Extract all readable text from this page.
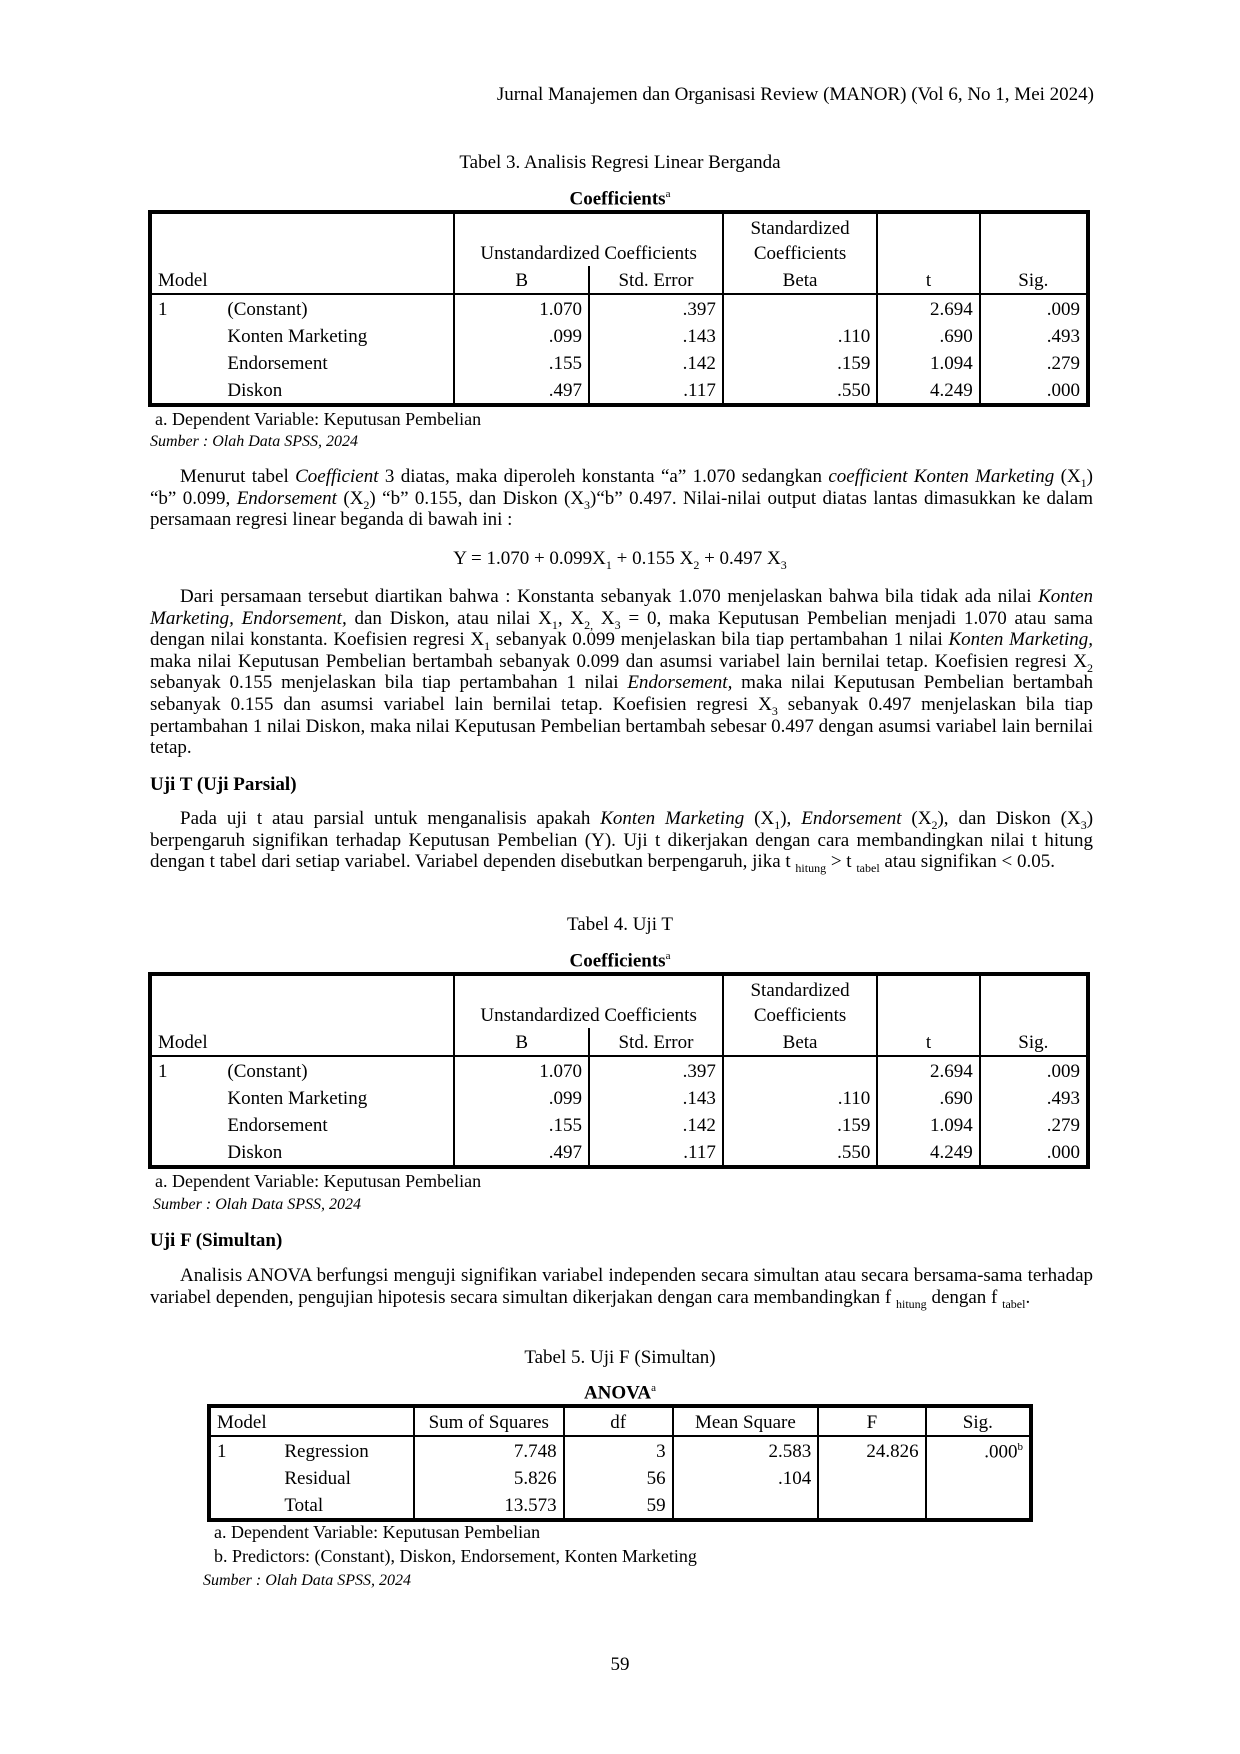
Jurnal Manajemen dan Organisasi Review (MANOR) (Vol 6, No 1, Mei 2024)
Tabel 3. Analisis Regresi Linear Berganda
Coefficients$^a$
		Unstandardized Coefficients		Standardized Coefficients		
Model		B	Std. Error	Beta	t	Sig.
1	(Constant)	1.070	.397		2.694	.009
	Konten Marketing	.099	.143	.110	.690	.493
	Endorsement	.155	.142	.159	1.094	.279
	Diskon	.497	.117	.550	4.249	.000
a. Dependent Variable: Keputusan Pembelian
Sumber : Olah Data SPSS, 2024
Menurut tabel Coefficient 3 diatas, maka diperoleh konstanta “a” 1.070 sedangkan coefficient Konten Marketing $(X_1)$ “b” 0.099, Endorsement $(X_2)$ “b” 0.155, dan Diskon $(X_3)“b$” 0.497. Nilai-nilai output diatas lantas dimasukkan ke dalam persamaan regresi linear beganda di bawah ini :
$Y = 1.070 + 0.099X_1 + 0.155$ $X_2 + 0.497$ $X_3$
Dari persamaan tersebut diartikan bahwa : Konstanta sebanyak 1.070 menjelaskan bahwa bila tidak ada nilai Konten Marketing, Endorsement, dan Diskon, atau nilai $X_1$, $X_{2,}$ $X_3 = 0$, maka Keputusan Pembelian menjadi 1.070 atau sama dengan nilai konstanta. Koefisien regresi $X_1$ sebanyak 0.099 menjelaskan bila tiap pertambahan 1 nilai Konten Marketing, maka nilai Keputusan Pembelian bertambah sebanyak 0.099 dan asumsi variabel lain bernilai tetap. Koefisien regresi $X_2$ sebanyak 0.155 menjelaskan bila tiap pertambahan 1 nilai Endorsement, maka nilai Keputusan Pembelian bertambah sebanyak 0.155 dan asumsi variabel lain bernilai tetap. Koefisien regresi $X_3$ sebanyak 0.497 menjelaskan bila tiap pertambahan 1 nilai Diskon, maka nilai Keputusan Pembelian bertambah sebesar 0.497 dengan asumsi variabel lain bernilai tetap.
Uji T (Uji Parsial)
Pada uji t atau parsial untuk menganalisis apakah Konten Marketing $(X_1)$, Endorsement $(X_2)$, dan Diskon $(X_3)$ berpengaruh signifikan terhadap Keputusan Pembelian (Y). Uji t dikerjakan dengan cara membandingkan nilai t hitung dengan t tabel dari setiap variabel. Variabel dependen disebutkan berpengaruh, jika t $_{hitung}$ > t $_{tabel}$ atau signifikan < 0.05.
Tabel 4. Uji T
Coefficients$^a$
		Unstandardized Coefficients		Standardized Coefficients		
Model		B	Std. Error	Beta	t	Sig.
1	(Constant)	1.070	.397		2.694	.009
	Konten Marketing	.099	.143	.110	.690	.493
	Endorsement	.155	.142	.159	1.094	.279
	Diskon	.497	.117	.550	4.249	.000
a. Dependent Variable: Keputusan Pembelian
Sumber : Olah Data SPSS, 2024
Uji F (Simultan)
Analisis ANOVA berfungsi menguji signifikan variabel independen secara simultan atau secara bersama-sama terhadap variabel dependen, pengujian hipotesis secara simultan dikerjakan dengan cara membandingkan f $_{hitung}$ dengan f $_{tabel}$.
Tabel 5. Uji F (Simultan)
ANOVA$^a$
Model		Sum of Squares	df	Mean Square	F	Sig.
1	Regression	7.748	3	2.583	24.826	.000$^b$
	Residual	5.826	56	.104		
	Total	13.573	59			
a. Dependent Variable: Keputusan Pembelian
b. Predictors: (Constant), Diskon, Endorsement, Konten Marketing
Sumber : Olah Data SPSS, 2024
59
